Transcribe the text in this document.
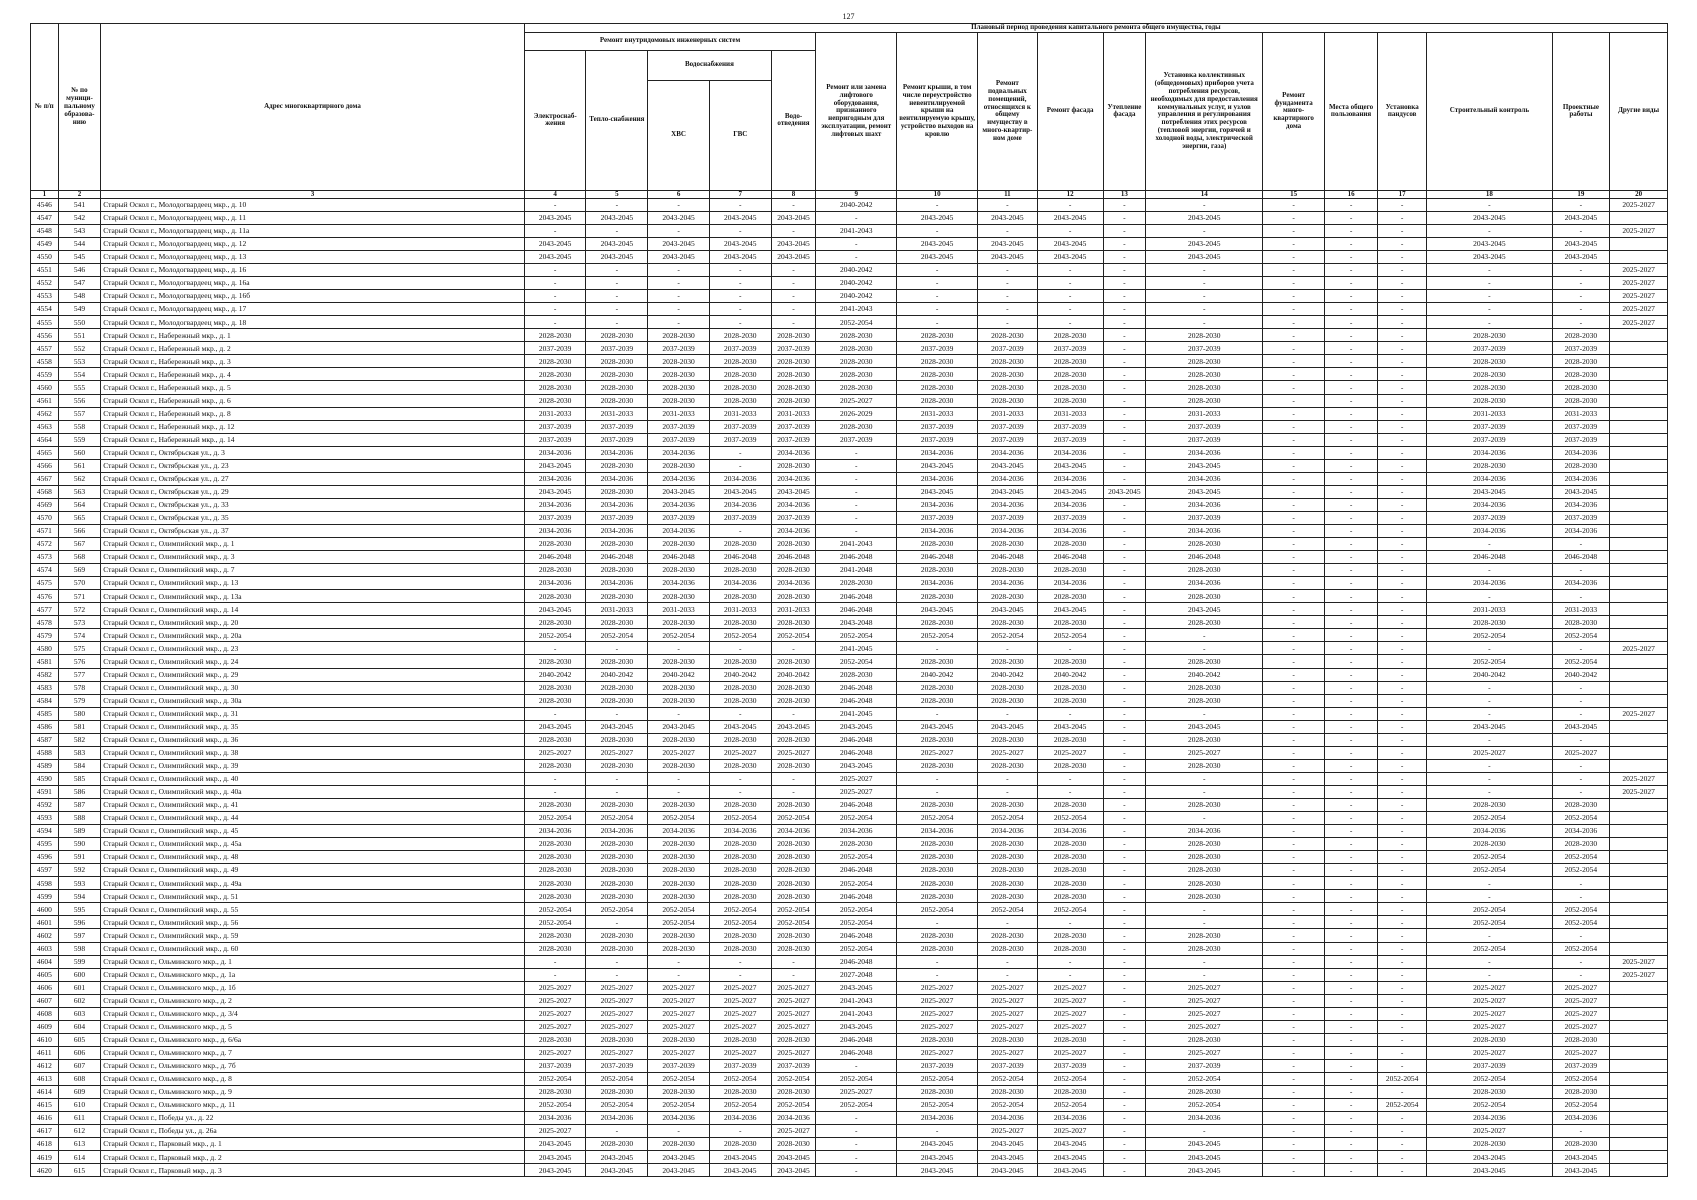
127
№ п/п	№ по муници-пальному образова-нию	Адрес многоквартирного дома	Плановый период проведения капитального ремонта общего имущества, годы																
			Ремонт внутридомовых инженерных систем					Ремонт или замена лифтового оборудования, признанного непригодным для эксплуатации, ремонт лифтовых шахт	Ремонт крыши, в том числе переустройство невентилируемой крыши на вентилируемую крышу, устройство выходов на кровлю	Ремонт подвальных помещений, относящихся к общему имуществу в много-квартир-ном доме	Ремонт фасада	Утепление фасада	Установка коллективных (общедомовых) приборов учета потребления ресурсов, необходимых для предоставления коммунальных услуг, и узлов управления и регулирования потребления этих ресурсов (тепловой энергии, горячей и холодной воды, электрической энергии, газа)	Ремонт фундамента много-квартирного дома	Места общего пользования	Установка пандусов	Строительный контроль	Проектные работы	Другие виды
			Электроснаб-жения	Тепло-снабжения	Водоснабжения		Водо-отведения												
					ХВС	ГВС													
1	2	3	4	5	6	7	8	9	10	11	12	13	14	15	16	17	18	19	20
4546	541	Старый Оскол г., Молодогвардеец мкр., д. 10	-	-	-	-	-	2040-2042	-	-	-	-	-	-	-	-	-	-	2025-2027
4547	542	Старый Оскол г., Молодогвардеец мкр., д. 11	2043-2045	2043-2045	2043-2045	2043-2045	2043-2045	-	2043-2045	2043-2045	2043-2045	-	2043-2045	-	-	-	2043-2045	2043-2045	
4548	543	Старый Оскол г., Молодогвардеец мкр., д. 11а	-	-	-	-	-	2041-2043	-	-	-	-	-	-	-	-	-	-	2025-2027
4549	544	Старый Оскол г., Молодогвардеец мкр., д. 12	2043-2045	2043-2045	2043-2045	2043-2045	2043-2045	-	2043-2045	2043-2045	2043-2045	-	2043-2045	-	-	-	2043-2045	2043-2045	
4550	545	Старый Оскол г., Молодогвардеец мкр., д. 13	2043-2045	2043-2045	2043-2045	2043-2045	2043-2045	-	2043-2045	2043-2045	2043-2045	-	2043-2045	-	-	-	2043-2045	2043-2045	
4551	546	Старый Оскол г., Молодогвардеец мкр., д. 16	-	-	-	-	-	2040-2042	-	-	-	-	-	-	-	-	-	-	2025-2027
4552	547	Старый Оскол г., Молодогвардеец мкр., д. 16а	-	-	-	-	-	2040-2042	-	-	-	-	-	-	-	-	-	-	2025-2027
4553	548	Старый Оскол г., Молодогвардеец мкр., д. 16б	-	-	-	-	-	2040-2042	-	-	-	-	-	-	-	-	-	-	2025-2027
4554	549	Старый Оскол г., Молодогвардеец мкр., д. 17	-	-	-	-	-	2041-2043	-	-	-	-	-	-	-	-	-	-	2025-2027
4555	550	Старый Оскол г., Молодогвардеец мкр., д. 18	-	-	-	-	-	2052-2054	-	-	-	-	-	-	-	-	-	-	2025-2027
4556	551	Старый Оскол г., Набережный мкр., д. 1	2028-2030	2028-2030	2028-2030	2028-2030	2028-2030	2028-2030	2028-2030	2028-2030	2028-2030	-	2028-2030	-	-	-	2028-2030	2028-2030	
4557	552	Старый Оскол г., Набережный мкр., д. 2	2037-2039	2037-2039	2037-2039	2037-2039	2037-2039	2028-2030	2037-2039	2037-2039	2037-2039	-	2037-2039	-	-	-	2037-2039	2037-2039	
4558	553	Старый Оскол г., Набережный мкр., д. 3	2028-2030	2028-2030	2028-2030	2028-2030	2028-2030	2028-2030	2028-2030	2028-2030	2028-2030	-	2028-2030	-	-	-	2028-2030	2028-2030	
4559	554	Старый Оскол г., Набережный мкр., д. 4	2028-2030	2028-2030	2028-2030	2028-2030	2028-2030	2028-2030	2028-2030	2028-2030	2028-2030	-	2028-2030	-	-	-	2028-2030	2028-2030	
4560	555	Старый Оскол г., Набережный мкр., д. 5	2028-2030	2028-2030	2028-2030	2028-2030	2028-2030	2028-2030	2028-2030	2028-2030	2028-2030	-	2028-2030	-	-	-	2028-2030	2028-2030	
4561	556	Старый Оскол г., Набережный мкр., д. 6	2028-2030	2028-2030	2028-2030	2028-2030	2028-2030	2025-2027	2028-2030	2028-2030	2028-2030	-	2028-2030	-	-	-	2028-2030	2028-2030	
4562	557	Старый Оскол г., Набережный мкр., д. 8	2031-2033	2031-2033	2031-2033	2031-2033	2031-2033	2026-2029	2031-2033	2031-2033	2031-2033	-	2031-2033	-	-	-	2031-2033	2031-2033	
4563	558	Старый Оскол г., Набережный мкр., д. 12	2037-2039	2037-2039	2037-2039	2037-2039	2037-2039	2028-2030	2037-2039	2037-2039	2037-2039	-	2037-2039	-	-	-	2037-2039	2037-2039	
4564	559	Старый Оскол г., Набережный мкр., д. 14	2037-2039	2037-2039	2037-2039	2037-2039	2037-2039	2037-2039	2037-2039	2037-2039	2037-2039	-	2037-2039	-	-	-	2037-2039	2037-2039	
4565	560	Старый Оскол г., Октябрьская ул., д. 3	2034-2036	2034-2036	2034-2036	-	2034-2036	-	2034-2036	2034-2036	2034-2036	-	2034-2036	-	-	-	2034-2036	2034-2036	
4566	561	Старый Оскол г., Октябрьская ул., д. 23	2043-2045	2028-2030	2028-2030	-	2028-2030	-	2043-2045	2043-2045	2043-2045	-	2043-2045	-	-	-	2028-2030	2028-2030	
4567	562	Старый Оскол г., Октябрьская ул., д. 27	2034-2036	2034-2036	2034-2036	2034-2036	2034-2036	-	2034-2036	2034-2036	2034-2036	-	2034-2036	-	-	-	2034-2036	2034-2036	
4568	563	Старый Оскол г., Октябрьская ул., д. 29	2043-2045	2028-2030	2043-2045	2043-2045	2043-2045	-	2043-2045	2043-2045	2043-2045	2043-2045	2043-2045	-	-	-	2043-2045	2043-2045	
4569	564	Старый Оскол г., Октябрьская ул., д. 33	2034-2036	2034-2036	2034-2036	2034-2036	2034-2036	-	2034-2036	2034-2036	2034-2036	-	2034-2036	-	-	-	2034-2036	2034-2036	
4570	565	Старый Оскол г., Октябрьская ул., д. 35	2037-2039	2037-2039	2037-2039	2037-2039	2037-2039	-	2037-2039	2037-2039	2037-2039	-	2037-2039	-	-	-	2037-2039	2037-2039	
4571	566	Старый Оскол г., Октябрьская ул., д. 37	2034-2036	2034-2036	2034-2036	-	2034-2036	-	2034-2036	2034-2036	2034-2036	-	2034-2036	-	-	-	2034-2036	2034-2036	
4572	567	Старый Оскол г., Олимпийский мкр., д. 1	2028-2030	2028-2030	2028-2030	2028-2030	2028-2030	2041-2043	2028-2030	2028-2030	2028-2030	-	2028-2030	-	-	-	-	-	
4573	568	Старый Оскол г., Олимпийский мкр., д. 3	2046-2048	2046-2048	2046-2048	2046-2048	2046-2048	2046-2048	2046-2048	2046-2048	2046-2048	-	2046-2048	-	-	-	2046-2048	2046-2048	
4574	569	Старый Оскол г., Олимпийский мкр., д. 7	2028-2030	2028-2030	2028-2030	2028-2030	2028-2030	2041-2048	2028-2030	2028-2030	2028-2030	-	2028-2030	-	-	-	-	-	
4575	570	Старый Оскол г., Олимпийский мкр., д. 13	2034-2036	2034-2036	2034-2036	2034-2036	2034-2036	2028-2030	2034-2036	2034-2036	2034-2036	-	2034-2036	-	-	-	2034-2036	2034-2036	
4576	571	Старый Оскол г., Олимпийский мкр., д. 13а	2028-2030	2028-2030	2028-2030	2028-2030	2028-2030	2046-2048	2028-2030	2028-2030	2028-2030	-	2028-2030	-	-	-	-	-	
4577	572	Старый Оскол г., Олимпийский мкр., д. 14	2043-2045	2031-2033	2031-2033	2031-2033	2031-2033	2046-2048	2043-2045	2043-2045	2043-2045	-	2043-2045	-	-	-	2031-2033	2031-2033	
4578	573	Старый Оскол г., Олимпийский мкр., д. 20	2028-2030	2028-2030	2028-2030	2028-2030	2028-2030	2043-2048	2028-2030	2028-2030	2028-2030	-	2028-2030	-	-	-	2028-2030	2028-2030	
4579	574	Старый Оскол г., Олимпийский мкр., д. 20а	2052-2054	2052-2054	2052-2054	2052-2054	2052-2054	2052-2054	2052-2054	2052-2054	2052-2054	-	-	-	-	-	2052-2054	2052-2054	
4580	575	Старый Оскол г., Олимпийский мкр., д. 23	-	-	-	-	-	2041-2045	-	-	-	-	-	-	-	-	-	-	2025-2027
4581	576	Старый Оскол г., Олимпийский мкр., д. 24	2028-2030	2028-2030	2028-2030	2028-2030	2028-2030	2052-2054	2028-2030	2028-2030	2028-2030	-	2028-2030	-	-	-	2052-2054	2052-2054	
4582	577	Старый Оскол г., Олимпийский мкр., д. 29	2040-2042	2040-2042	2040-2042	2040-2042	2040-2042	2028-2030	2040-2042	2040-2042	2040-2042	-	2040-2042	-	-	-	2040-2042	2040-2042	
4583	578	Старый Оскол г., Олимпийский мкр., д. 30	2028-2030	2028-2030	2028-2030	2028-2030	2028-2030	2046-2048	2028-2030	2028-2030	2028-2030	-	2028-2030	-	-	-	-	-	
4584	579	Старый Оскол г., Олимпийский мкр., д. 30а	2028-2030	2028-2030	2028-2030	2028-2030	2028-2030	2046-2048	2028-2030	2028-2030	2028-2030	-	2028-2030	-	-	-	-	-	
4585	580	Старый Оскол г., Олимпийский мкр., д. 31	-	-	-	-	-	2041-2045	-	-	-	-	-	-	-	-	-	-	2025-2027
4586	581	Старый Оскол г., Олимпийский мкр., д. 35	2043-2045	2043-2045	2043-2045	2043-2045	2043-2045	2043-2045	2043-2045	2043-2045	2043-2045	-	2043-2045	-	-	-	2043-2045	2043-2045	
4587	582	Старый Оскол г., Олимпийский мкр., д. 36	2028-2030	2028-2030	2028-2030	2028-2030	2028-2030	2046-2048	2028-2030	2028-2030	2028-2030	-	2028-2030	-	-	-	-	-	
4588	583	Старый Оскол г., Олимпийский мкр., д. 38	2025-2027	2025-2027	2025-2027	2025-2027	2025-2027	2046-2048	2025-2027	2025-2027	2025-2027	-	2025-2027	-	-	-	2025-2027	2025-2027	
4589	584	Старый Оскол г., Олимпийский мкр., д. 39	2028-2030	2028-2030	2028-2030	2028-2030	2028-2030	2043-2045	2028-2030	2028-2030	2028-2030	-	2028-2030	-	-	-	-	-	
4590	585	Старый Оскол г., Олимпийский мкр., д. 40	-	-	-	-	-	2025-2027	-	-	-	-	-	-	-	-	-	-	2025-2027
4591	586	Старый Оскол г., Олимпийский мкр., д. 40а	-	-	-	-	-	2025-2027	-	-	-	-	-	-	-	-	-	-	2025-2027
4592	587	Старый Оскол г., Олимпийский мкр., д. 41	2028-2030	2028-2030	2028-2030	2028-2030	2028-2030	2046-2048	2028-2030	2028-2030	2028-2030	-	2028-2030	-	-	-	2028-2030	2028-2030	
4593	588	Старый Оскол г., Олимпийский мкр., д. 44	2052-2054	2052-2054	2052-2054	2052-2054	2052-2054	2052-2054	2052-2054	2052-2054	2052-2054	-	-	-	-	-	2052-2054	2052-2054	
4594	589	Старый Оскол г., Олимпийский мкр., д. 45	2034-2036	2034-2036	2034-2036	2034-2036	2034-2036	2034-2036	2034-2036	2034-2036	2034-2036	-	2034-2036	-	-	-	2034-2036	2034-2036	
4595	590	Старый Оскол г., Олимпийский мкр., д. 45а	2028-2030	2028-2030	2028-2030	2028-2030	2028-2030	2028-2030	2028-2030	2028-2030	2028-2030	-	2028-2030	-	-	-	2028-2030	2028-2030	
4596	591	Старый Оскол г., Олимпийский мкр., д. 48	2028-2030	2028-2030	2028-2030	2028-2030	2028-2030	2052-2054	2028-2030	2028-2030	2028-2030	-	2028-2030	-	-	-	2052-2054	2052-2054	
4597	592	Старый Оскол г., Олимпийский мкр., д. 49	2028-2030	2028-2030	2028-2030	2028-2030	2028-2030	2046-2048	2028-2030	2028-2030	2028-2030	-	2028-2030	-	-	-	2052-2054	2052-2054	
4598	593	Старый Оскол г., Олимпийский мкр., д. 49а	2028-2030	2028-2030	2028-2030	2028-2030	2028-2030	2052-2054	2028-2030	2028-2030	2028-2030	-	2028-2030	-	-	-	-	-	
4599	594	Старый Оскол г., Олимпийский мкр., д. 51	2028-2030	2028-2030	2028-2030	2028-2030	2028-2030	2046-2048	2028-2030	2028-2030	2028-2030	-	2028-2030	-	-	-	-	-	
4600	595	Старый Оскол г., Олимпийский мкр., д. 55	2052-2054	2052-2054	2052-2054	2052-2054	2052-2054	2052-2054	2052-2054	2052-2054	2052-2054	-	-	-	-	-	2052-2054	2052-2054	
4601	596	Старый Оскол г., Олимпийский мкр., д. 56	2052-2054	-	2052-2054	2052-2054	2052-2054	2052-2054	-	-	-	-	-	-	-	-	2052-2054	2052-2054	
4602	597	Старый Оскол г., Олимпийский мкр., д. 59	2028-2030	2028-2030	2028-2030	2028-2030	2028-2030	2046-2048	2028-2030	2028-2030	2028-2030	-	2028-2030	-	-	-	-	-	
4603	598	Старый Оскол г., Олимпийский мкр., д. 60	2028-2030	2028-2030	2028-2030	2028-2030	2028-2030	2052-2054	2028-2030	2028-2030	2028-2030	-	2028-2030	-	-	-	2052-2054	2052-2054	
4604	599	Старый Оскол г., Ольминского мкр., д. 1	-	-	-	-	-	2046-2048	-	-	-	-	-	-	-	-	-	-	2025-2027
4605	600	Старый Оскол г., Ольминского мкр., д. 1а	-	-	-	-	-	2027-2048	-	-	-	-	-	-	-	-	-	-	2025-2027
4606	601	Старый Оскол г., Ольминского мкр., д. 1б	2025-2027	2025-2027	2025-2027	2025-2027	2025-2027	2043-2045	2025-2027	2025-2027	2025-2027	-	2025-2027	-	-	-	2025-2027	2025-2027	
4607	602	Старый Оскол г., Ольминского мкр., д. 2	2025-2027	2025-2027	2025-2027	2025-2027	2025-2027	2041-2043	2025-2027	2025-2027	2025-2027	-	2025-2027	-	-	-	2025-2027	2025-2027	
4608	603	Старый Оскол г., Ольминского мкр., д. 3/4	2025-2027	2025-2027	2025-2027	2025-2027	2025-2027	2041-2043	2025-2027	2025-2027	2025-2027	-	2025-2027	-	-	-	2025-2027	2025-2027	
4609	604	Старый Оскол г., Ольминского мкр., д. 5	2025-2027	2025-2027	2025-2027	2025-2027	2025-2027	2043-2045	2025-2027	2025-2027	2025-2027	-	2025-2027	-	-	-	2025-2027	2025-2027	
4610	605	Старый Оскол г., Ольминского мкр., д. 6/6а	2028-2030	2028-2030	2028-2030	2028-2030	2028-2030	2046-2048	2028-2030	2028-2030	2028-2030	-	2028-2030	-	-	-	2028-2030	2028-2030	
4611	606	Старый Оскол г., Ольминского мкр., д. 7	2025-2027	2025-2027	2025-2027	2025-2027	2025-2027	2046-2048	2025-2027	2025-2027	2025-2027	-	2025-2027	-	-	-	2025-2027	2025-2027	
4612	607	Старый Оскол г., Ольминского мкр., д. 7б	2037-2039	2037-2039	2037-2039	2037-2039	2037-2039	-	2037-2039	2037-2039	2037-2039	-	2037-2039	-	-	-	2037-2039	2037-2039	
4613	608	Старый Оскол г., Ольминского мкр., д. 8	2052-2054	2052-2054	2052-2054	2052-2054	2052-2054	2052-2054	2052-2054	2052-2054	2052-2054	-	2052-2054	-	-	2052-2054	2052-2054	2052-2054	
4614	609	Старый Оскол г., Ольминского мкр., д. 9	2028-2030	2028-2030	2028-2030	2028-2030	2028-2030	2025-2027	2028-2030	2028-2030	2028-2030	-	2028-2030	-	-	-	2028-2030	2028-2030	
4615	610	Старый Оскол г., Ольминского мкр., д. 11	2052-2054	2052-2054	2052-2054	2052-2054	2052-2054	2052-2054	2052-2054	2052-2054	2052-2054	-	2052-2054	-	-	2052-2054	2052-2054	2052-2054	
4616	611	Старый Оскол г., Победы ул., д. 22	2034-2036	2034-2036	2034-2036	2034-2036	2034-2036	-	2034-2036	2034-2036	2034-2036	-	2034-2036	-	-	-	2034-2036	2034-2036	
4617	612	Старый Оскол г., Победы ул., д. 26а	2025-2027	-	-	-	2025-2027	-	-	2025-2027	2025-2027	-	-	-	-	-	2025-2027	-	
4618	613	Старый Оскол г., Парковый мкр., д. 1	2043-2045	2028-2030	2028-2030	2028-2030	2028-2030	-	2043-2045	2043-2045	2043-2045	-	2043-2045	-	-	-	2028-2030	2028-2030	
4619	614	Старый Оскол г., Парковый мкр., д. 2	2043-2045	2043-2045	2043-2045	2043-2045	2043-2045	-	2043-2045	2043-2045	2043-2045	-	2043-2045	-	-	-	2043-2045	2043-2045	
4620	615	Старый Оскол г., Парковый мкр., д. 3	2043-2045	2043-2045	2043-2045	2043-2045	2043-2045	-	2043-2045	2043-2045	2043-2045	-	2043-2045	-	-	-	2043-2045	2043-2045	
